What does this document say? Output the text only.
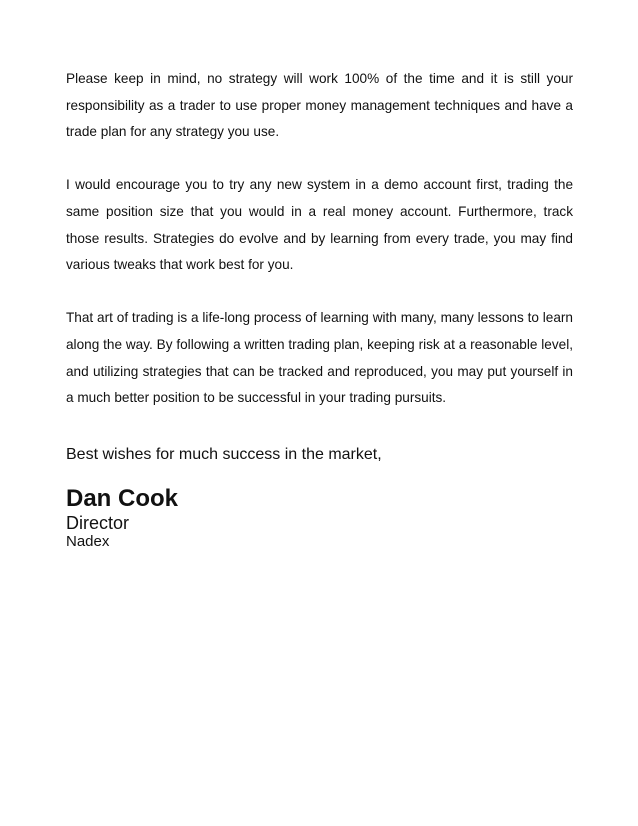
Please keep in mind, no strategy will work 100% of the time and it is still your responsibility as a trader to use proper money management techniques and have a trade plan for any strategy you use.

I would encourage you to try any new system in a demo account first, trading the same position size that you would in a real money account. Furthermore, track those results. Strategies do evolve and by learning from every trade, you may find various tweaks that work best for you.

That art of trading is a life-long process of learning with many, many lessons to learn along the way. By following a written trading plan, keeping risk at a reasonable level, and utilizing strategies that can be tracked and reproduced, you may put yourself in a much better position to be successful in your trading pursuits.

Best wishes for much success in the market,

Dan Cook

Director

Nadex
